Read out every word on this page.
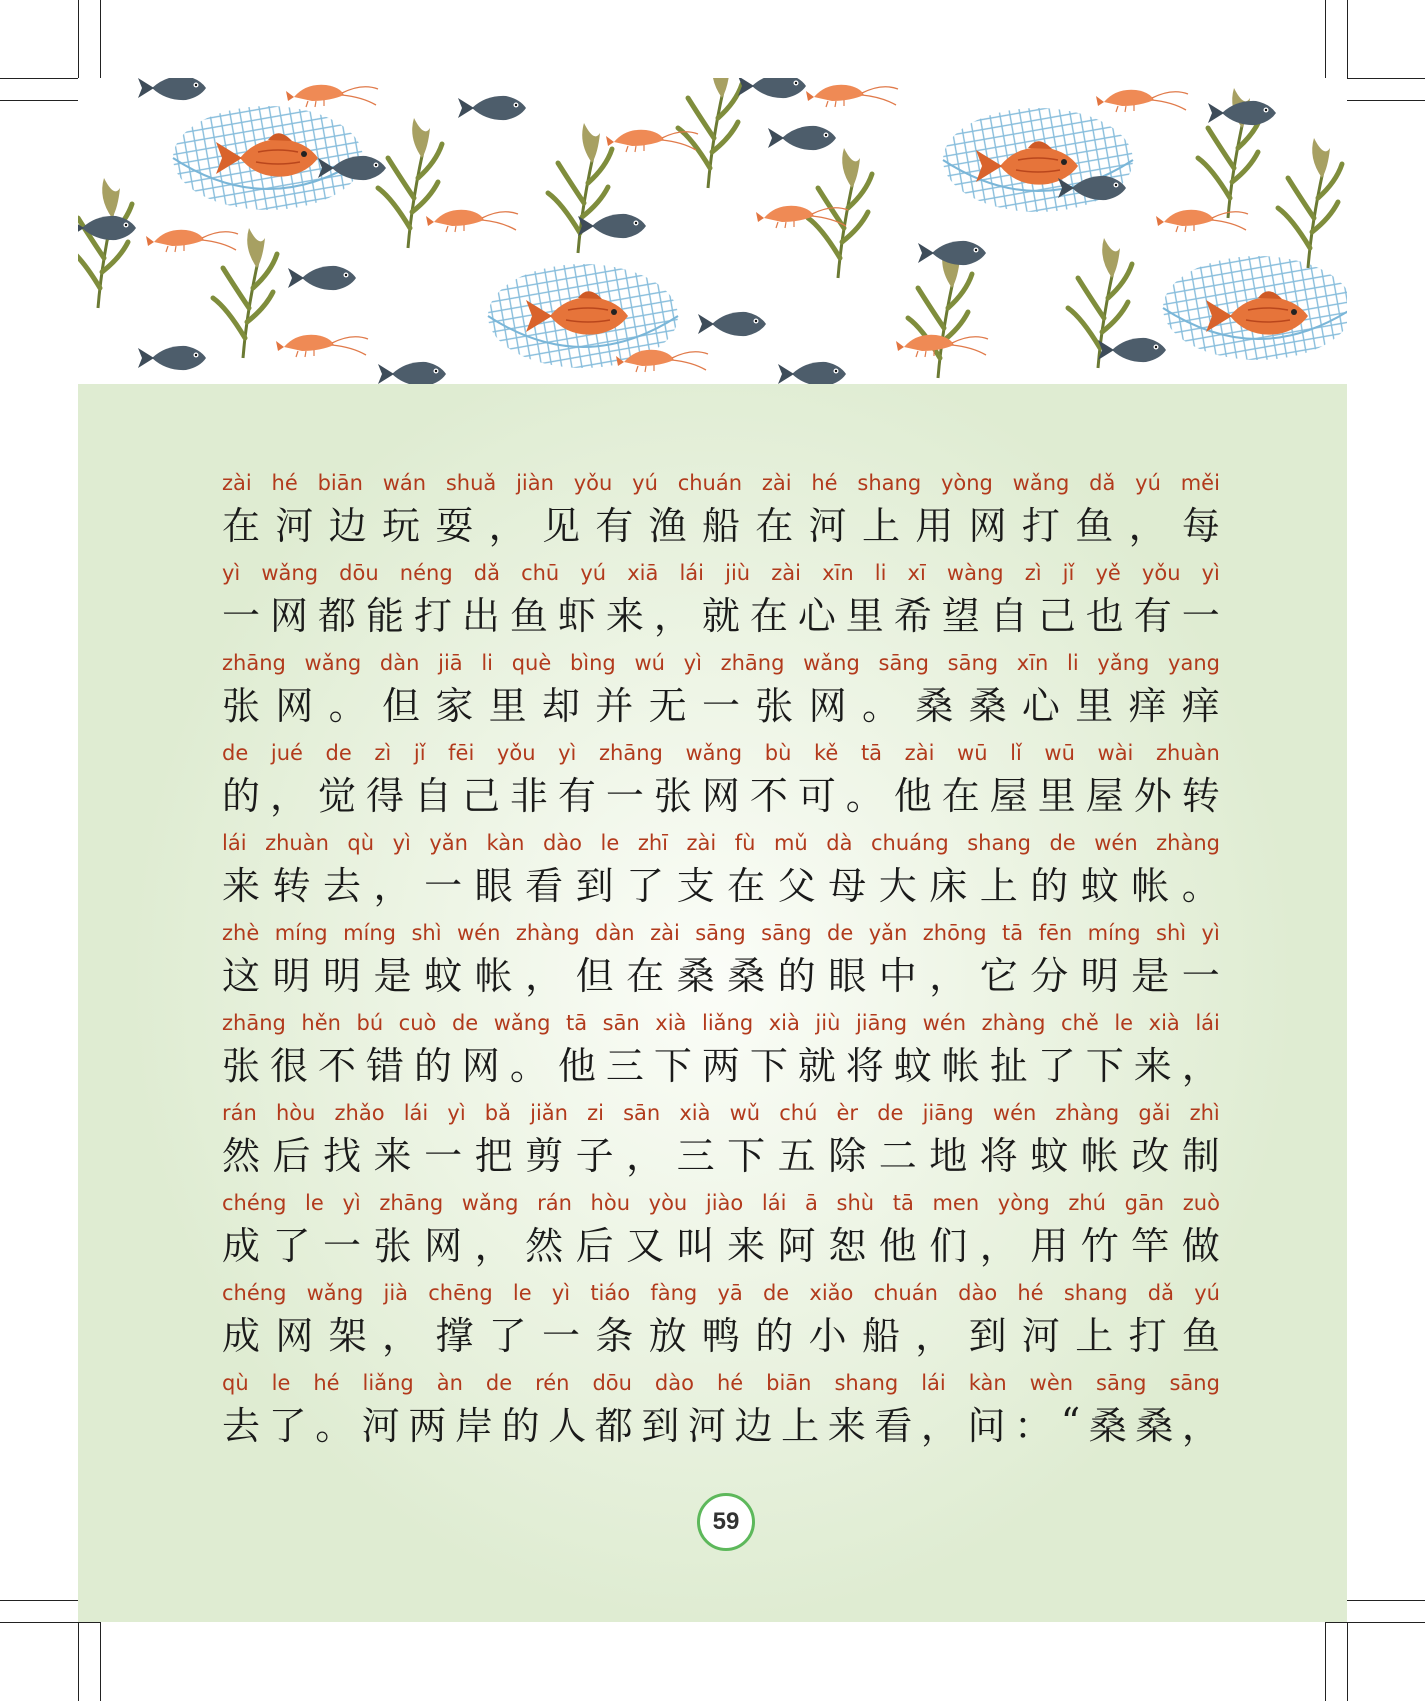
zài hé biān wán shuǎ jiàn yǒu yú chuán zài hé shang yòng wǎng dǎ yú měi
在 河 边 玩 耍 ， 见 有 渔 船 在 河 上 用 网 打 鱼 ， 每
yì wǎng dōu néng dǎ chū yú xiā lái jiù zài xīn li xī wàng zì jǐ yě yǒu yì
一 网 都 能 打 出 鱼 虾 来 ， 就 在 心 里 希 望 自 己 也 有 一
zhāng wǎng dàn jiā li què bìng wú yì zhāng wǎng sāng sāng xīn li yǎng yang
张 网 。 但 家 里 却 并 无 一 张 网 。 桑 桑 心 里 痒 痒
de jué de zì jǐ fēi yǒu yì zhāng wǎng bù kě tā zài wū lǐ wū wài zhuàn
的 ， 觉 得 自 己 非 有 一 张 网 不 可 。 他 在 屋 里 屋 外 转
lái zhuàn qù yì yǎn kàn dào le zhī zài fù mǔ dà chuáng shang de wén zhàng
来 转 去 ， 一 眼 看 到 了 支 在 父 母 大 床 上 的 蚊 帐 。
zhè míng míng shì wén zhàng dàn zài sāng sāng de yǎn zhōng tā fēn míng shì yì
这 明 明 是 蚊 帐 ， 但 在 桑 桑 的 眼 中 ， 它 分 明 是 一
zhāng hěn bú cuò de wǎng tā sān xià liǎng xià jiù jiāng wén zhàng chě le xià lái
张 很 不 错 的 网 。 他 三 下 两 下 就 将 蚊 帐 扯 了 下 来 ，
rán hòu zhǎo lái yì bǎ jiǎn zi sān xià wǔ chú èr de jiāng wén zhàng gǎi zhì
然 后 找 来 一 把 剪 子 ， 三 下 五 除 二 地 将 蚊 帐 改 制
chéng le yì zhāng wǎng rán hòu yòu jiào lái ā shù tā men yòng zhú gān zuò
成 了 一 张 网 ， 然 后 又 叫 来 阿 恕 他 们 ， 用 竹 竿 做
chéng wǎng jià chēng le yì tiáo fàng yā de xiǎo chuán dào hé shang dǎ yú
成 网 架 ， 撑 了 一 条 放 鸭 的 小 船 ， 到 河 上 打 鱼
qù le hé liǎng àn de rén dōu dào hé biān shang lái kàn wèn sāng sāng
去 了 。 河 两 岸 的 人 都 到 河 边 上 来 看 ， 问 ： “ 桑 桑 ，
59
